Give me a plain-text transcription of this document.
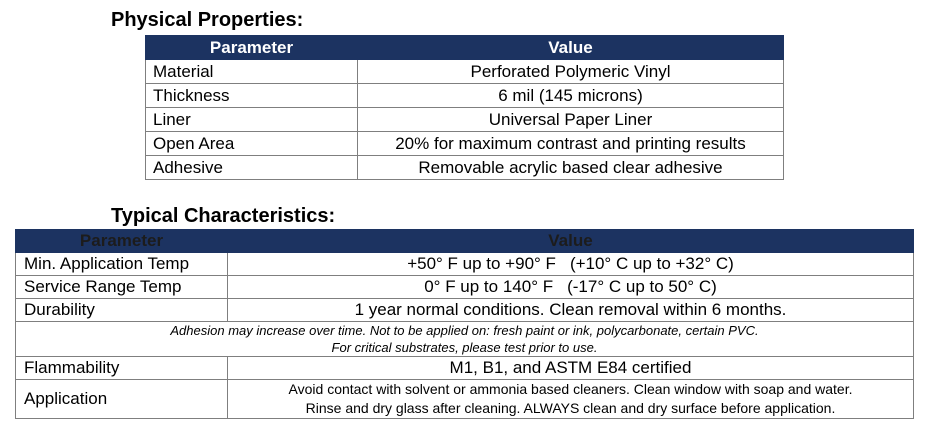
Physical Properties:
Parameter	Value
Material	Perforated Polymeric Vinyl
Thickness	6 mil (145 microns)
Liner	Universal Paper Liner
Open Area	20% for maximum contrast and printing results
Adhesive	Removable acrylic based clear adhesive
Typical Characteristics:
Parameter	Value
Min. Application Temp	+50° F up to +90° F (+10° C up to +32° C)
Service Range Temp	0° F up to 140° F (-17° C up to 50° C)
Durability	1 year normal conditions. Clean removal within 6 months.

Adhesion may increase over time. Not to be applied on: fresh paint or ink, polycarbonate, certain PVC.
For critical substrates, please test prior to use.	

Flammability	M1, B1, and ASTM E84 certified
Application	Avoid contact with solvent or ammonia based cleaners. Clean window with soap and water.
Rinse and dry glass after cleaning. ALWAYS clean and dry surface before application.
